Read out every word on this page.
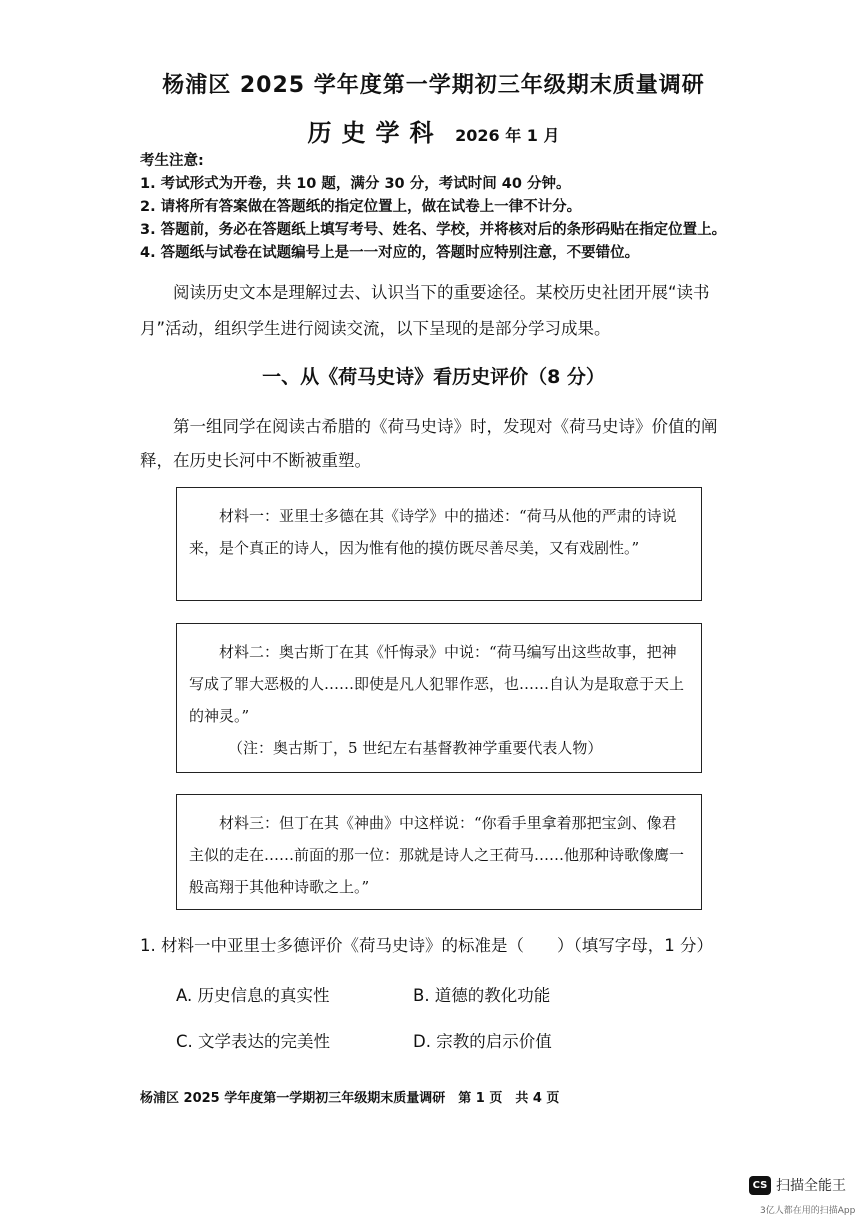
杨浦区 2025 学年度第一学期初三年级期末质量调研
历史学科 2026 年 1 月
考生注意:
1. 考试形式为开卷，共 10 题，满分 30 分，考试时间 40 分钟。
2. 请将所有答案做在答题纸的指定位置上，做在试卷上一律不计分。
3. 答题前，务必在答题纸上填写考号、姓名、学校，并将核对后的条形码贴在指定位置上。
4. 答题纸与试卷在试题编号上是一一对应的，答题时应特别注意，不要错位。
阅读历史文本是理解过去、认识当下的重要途径。某校历史社团开展“读书月”活动，组织学生进行阅读交流，以下呈现的是部分学习成果。
一、从《荷马史诗》看历史评价（8 分）
第一组同学在阅读古希腊的《荷马史诗》时，发现对《荷马史诗》价值的阐释，在历史长河中不断被重塑。
材料一：亚里士多德在其《诗学》中的描述：“荷马从他的严肃的诗说来，是个真正的诗人，因为惟有他的摸仿既尽善尽美，又有戏剧性。”
材料二：奥古斯丁在其《忏悔录》中说：“荷马编写出这些故事，把神写成了罪大恶极的人……即使是凡人犯罪作恶，也……自认为是取意于天上的神灵。”
（注：奥古斯丁，5 世纪左右基督教神学重要代表人物）
材料三：但丁在其《神曲》中这样说：“你看手里拿着那把宝剑、像君主似的走在……前面的那一位：那就是诗人之王荷马……他那种诗歌像鹰一般高翔于其他种诗歌之上。”
1. 材料一中亚里士多德评价《荷马史诗》的标准是（　　）（填写字母，1 分）
A. 历史信息的真实性	B. 道德的教化功能
C. 文学表达的完美性	D. 宗教的启示价值
杨浦区 2025 学年度第一学期初三年级期末质量调研　第 1 页　共 4 页
CS 扫描全能王
3亿人都在用的扫描App
